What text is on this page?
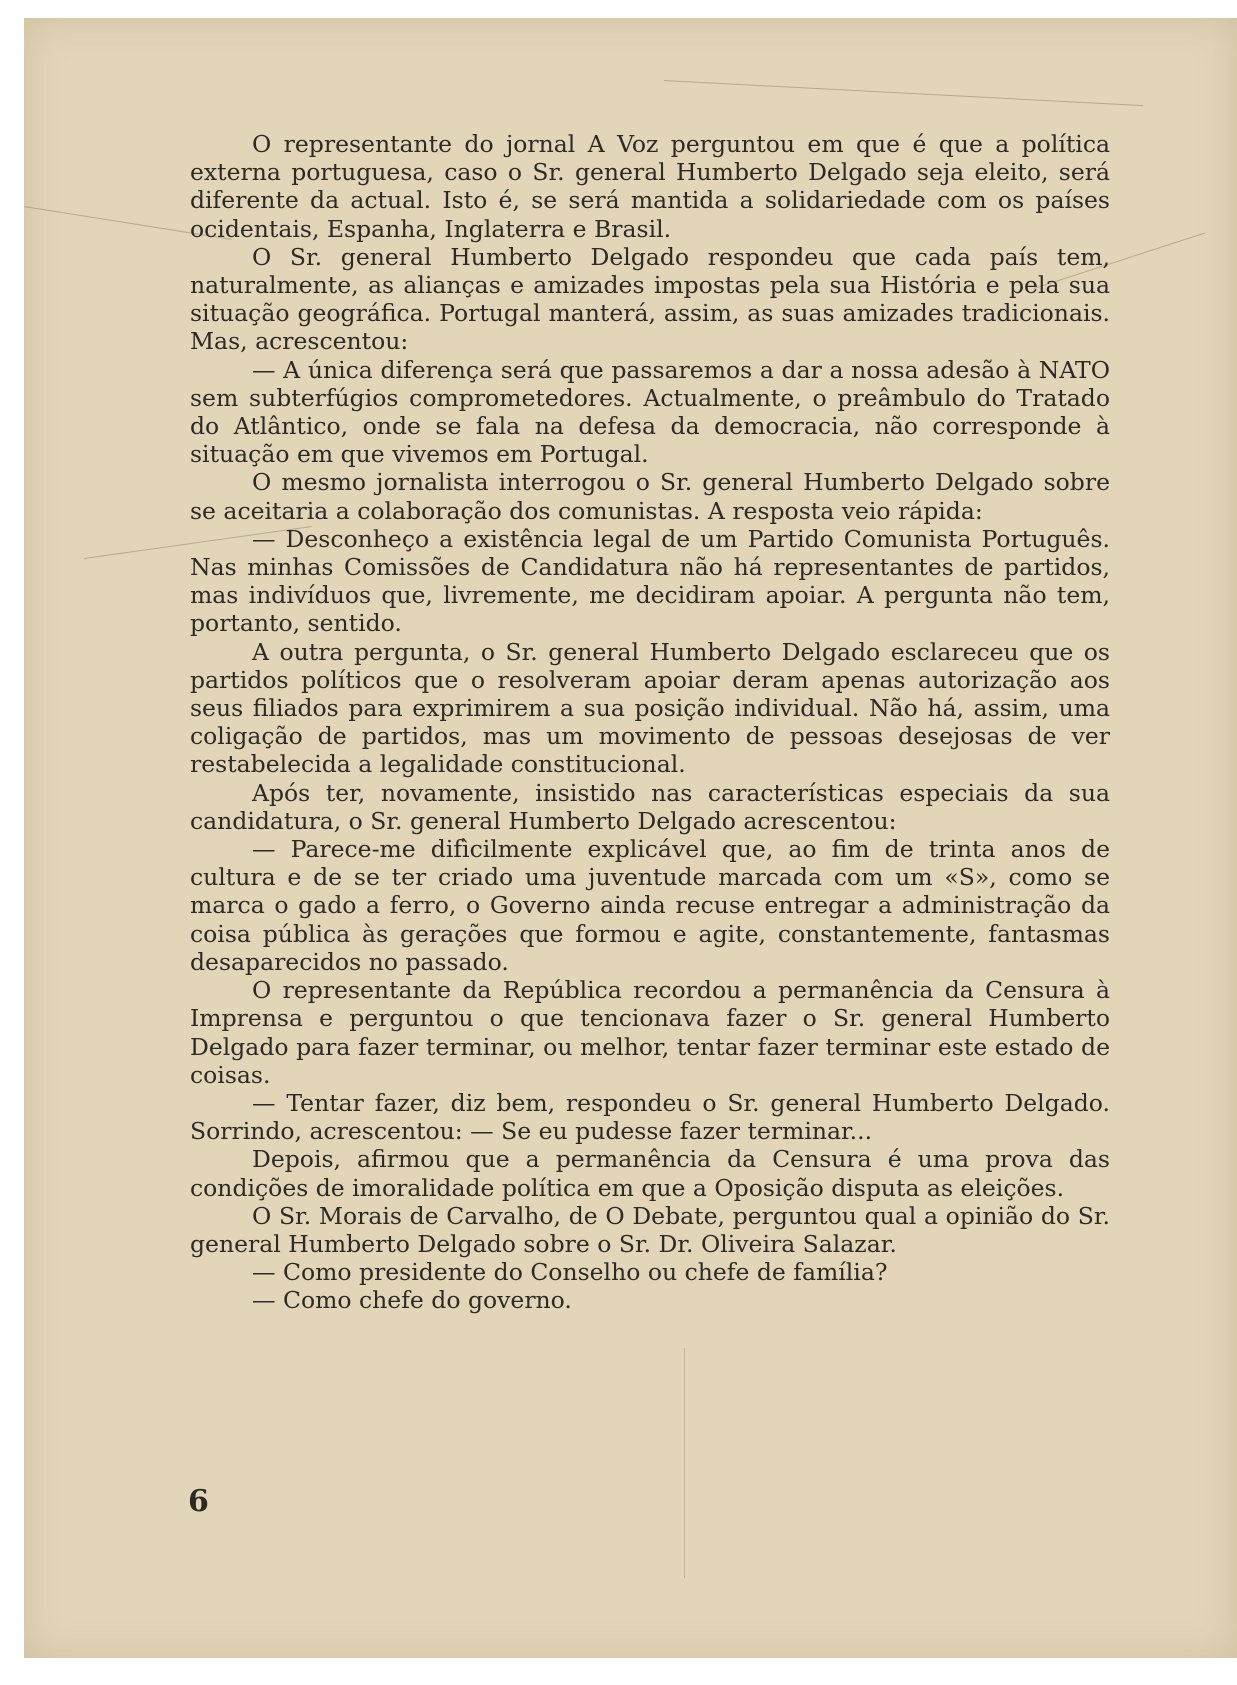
O representante do jornal A Voz perguntou em que é que a política externa portuguesa, caso o Sr. general Humberto Delgado seja eleito, será diferente da actual. Isto é, se será mantida a solidariedade com os países ocidentais, Espanha, Inglaterra e Brasil.

O Sr. general Humberto Delgado respondeu que cada país tem, naturalmente, as alianças e amizades impostas pela sua História e pela sua situação geográfica. Portugal manterá, assim, as suas amizades tradicionais. Mas, acrescentou:

— A única diferença será que passaremos a dar a nossa adesão à NATO sem subterfúgios comprometedores. Actualmente, o preâmbulo do Tratado do Atlântico, onde se fala na defesa da democracia, não corresponde à situação em que vivemos em Portugal.

O mesmo jornalista interrogou o Sr. general Humberto Delgado sobre se aceitaria a colaboração dos comunistas. A resposta veio rápida:

— Desconheço a existência legal de um Partido Comunista Português. Nas minhas Comissões de Candidatura não há representantes de partidos, mas indivíduos que, livremente, me decidiram apoiar. A pergunta não tem, portanto, sentido.

A outra pergunta, o Sr. general Humberto Delgado esclareceu que os partidos políticos que o resolveram apoiar deram apenas autorização aos seus filiados para exprimirem a sua posição individual. Não há, assim, uma coligação de partidos, mas um movimento de pessoas desejosas de ver restabelecida a legalidade constitucional.

Após ter, novamente, insistido nas características especiais da sua candidatura, o Sr. general Humberto Delgado acrescentou:

— Parece-me difìcilmente explicável que, ao fim de trinta anos de cultura e de se ter criado uma juventude marcada com um «S», como se marca o gado a ferro, o Governo ainda recuse entregar a administração da coisa pública às gerações que formou e agite, constantemente, fantasmas desaparecidos no passado.

O representante da República recordou a permanência da Censura à Imprensa e perguntou o que tencionava fazer o Sr. general Humberto Delgado para fazer terminar, ou melhor, tentar fazer terminar este estado de coisas.

— Tentar fazer, diz bem, respondeu o Sr. general Humberto Delgado. Sorrindo, acrescentou: — Se eu pudesse fazer terminar...

Depois, afirmou que a permanência da Censura é uma prova das condições de imoralidade política em que a Oposição disputa as eleições.

O Sr. Morais de Carvalho, de O Debate, perguntou qual a opinião do Sr. general Humberto Delgado sobre o Sr. Dr. Oliveira Salazar.

— Como presidente do Conselho ou chefe de família?

— Como chefe do governo.

6
